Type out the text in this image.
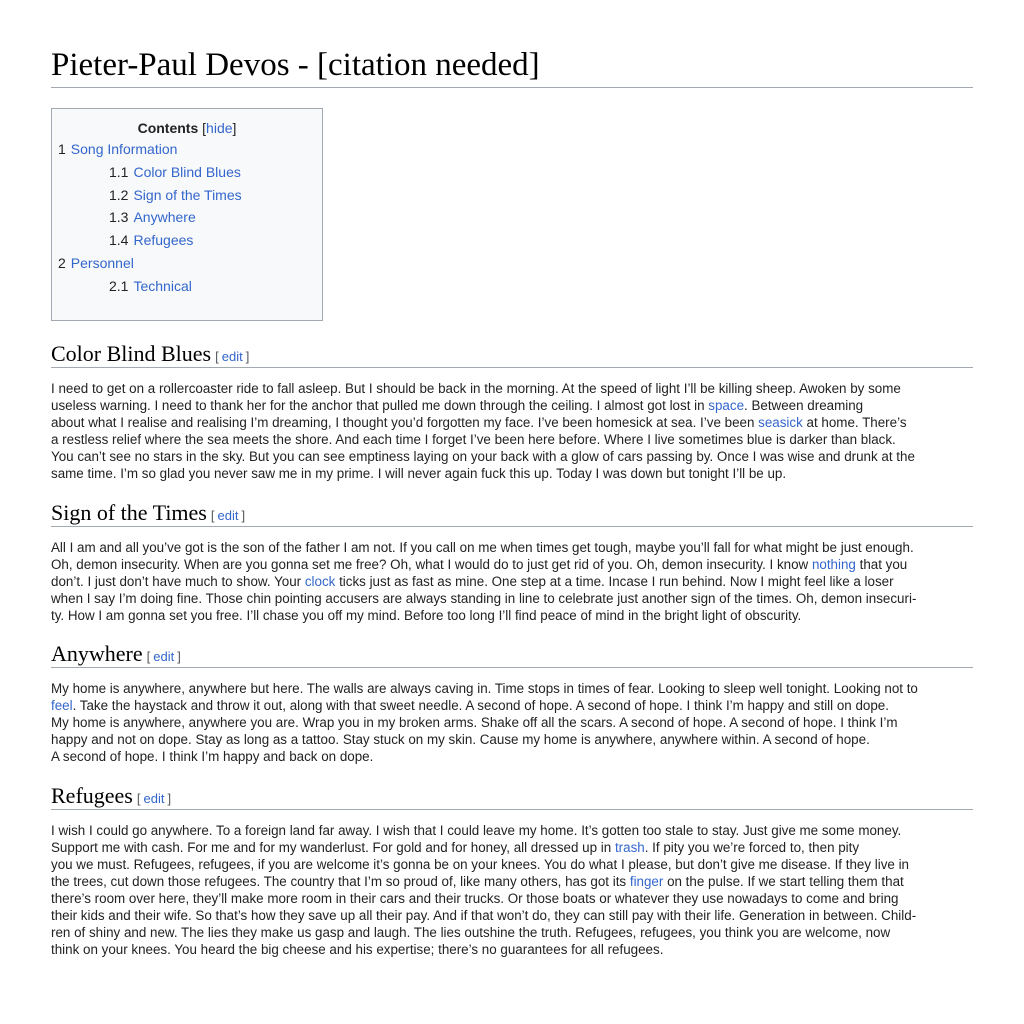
Pieter-Paul Devos - [citation needed]
Contents [hide]
1 Song Information
1.1 Color Blind Blues
1.2 Sign of the Times
1.3 Anywhere
1.4 Refugees
2 Personnel
2.1 Technical
Color Blind Blues [ edit ]
I need to get on a rollercoaster ride to fall asleep. But I should be back in the morning. At the speed of light I’ll be killing sheep. Awoken by some
useless warning. I need to thank her for the anchor that pulled me down through the ceiling. I almost got lost in space. Between dreaming
about what I realise and realising I’m dreaming, I thought you’d forgotten my face. I’ve been homesick at sea. I’ve been seasick at home. There’s
a restless relief where the sea meets the shore. And each time I forget I’ve been here before. Where I live sometimes blue is darker than black.
You can’t see no stars in the sky. But you can see emptiness laying on your back with a glow of cars passing by. Once I was wise and drunk at the
same time. I’m so glad you never saw me in my prime. I will never again fuck this up. Today I was down but tonight I’ll be up.
Sign of the Times [ edit ]
All I am and all you’ve got is the son of the father I am not. If you call on me when times get tough, maybe you’ll fall for what might be just enough.
Oh, demon insecurity. When are you gonna set me free? Oh, what I would do to just get rid of you. Oh, demon insecurity. I know nothing that you
don’t. I just don’t have much to show. Your clock ticks just as fast as mine. One step at a time. Incase I run behind. Now I might feel like a loser
when I say I’m doing fine. Those chin pointing accusers are always standing in line to celebrate just another sign of the times. Oh, demon insecuri-
ty. How I am gonna set you free. I’ll chase you off my mind. Before too long I’ll find peace of mind in the bright light of obscurity.
Anywhere [ edit ]
My home is anywhere, anywhere but here. The walls are always caving in. Time stops in times of fear. Looking to sleep well tonight. Looking not to
feel. Take the haystack and throw it out, along with that sweet needle. A second of hope. A second of hope. I think I’m happy and still on dope.
My home is anywhere, anywhere you are. Wrap you in my broken arms. Shake off all the scars. A second of hope. A second of hope. I think I’m
happy and not on dope. Stay as long as a tattoo. Stay stuck on my skin. Cause my home is anywhere, anywhere within. A second of hope.
A second of hope. I think I’m happy and back on dope.
Refugees [ edit ]
I wish I could go anywhere. To a foreign land far away. I wish that I could leave my home. It’s gotten too stale to stay. Just give me some money.
Support me with cash. For me and for my wanderlust. For gold and for honey, all dressed up in trash. If pity you we’re forced to, then pity
you we must. Refugees, refugees, if you are welcome it’s gonna be on your knees. You do what I please, but don’t give me disease. If they live in
the trees, cut down those refugees. The country that I’m so proud of, like many others, has got its finger on the pulse. If we start telling them that
there’s room over here, they’ll make more room in their cars and their trucks. Or those boats or whatever they use nowadays to come and bring
their kids and their wife. So that’s how they save up all their pay. And if that won’t do, they can still pay with their life. Generation in between. Child-
ren of shiny and new. The lies they make us gasp and laugh. The lies outshine the truth. Refugees, refugees, you think you are welcome, now
think on your knees. You heard the big cheese and his expertise; there’s no guarantees for all refugees.
